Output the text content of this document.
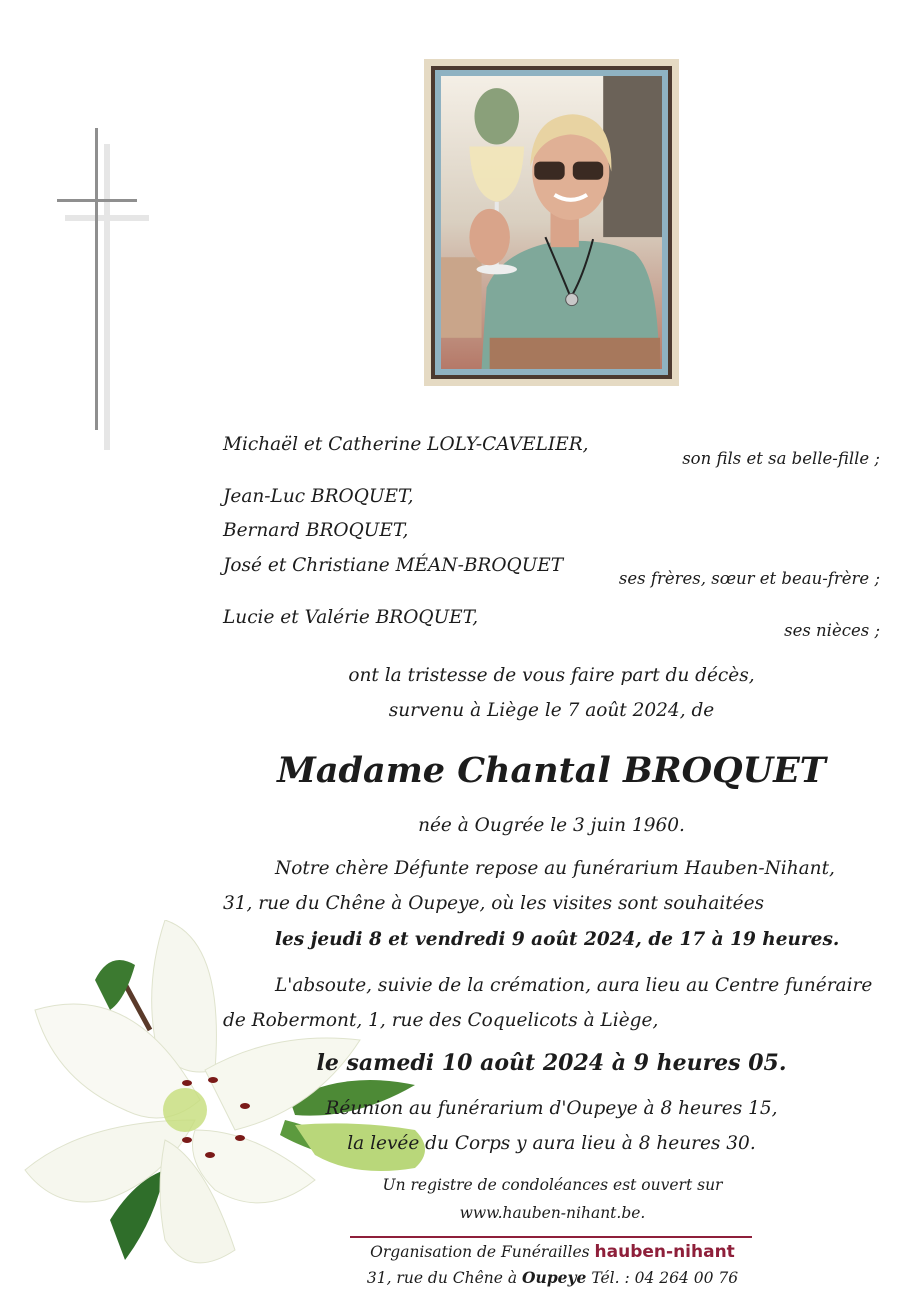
Michaël et Catherine LOLY-CAVELIER,
son fils et sa belle-fille ;
Jean-Luc BROQUET,
Bernard BROQUET,
José et Christiane MÉAN-BROQUET
ses frères, sœur et beau-frère ;
Lucie et Valérie BROQUET,
ses nièces ;
ont la tristesse de vous faire part du décès,
survenu à Liège le 7 août 2024, de
Madame Chantal BROQUET
née à Ougrée le 3 juin 1960.
Notre chère Défunte repose au funérarium Hauben-Nihant,
31, rue du Chêne à Oupeye, où les visites sont souhaitées
les jeudi 8 et vendredi 9 août 2024, de 17 à 19 heures.
L'absoute, suivie de la crémation, aura lieu au Centre funéraire
de Robermont, 1, rue des Coquelicots à Liège,
le samedi 10 août 2024 à 9 heures 05.
Réunion au funérarium d'Oupeye à 8 heures 15,
la levée du Corps y aura lieu à 8 heures 30.
Un registre de condoléances est ouvert sur
www.hauben-nihant.be.
Organisation de Funérailles hauben-nihant
31, rue du Chêne à Oupeye Tél. : 04 264 00 76
